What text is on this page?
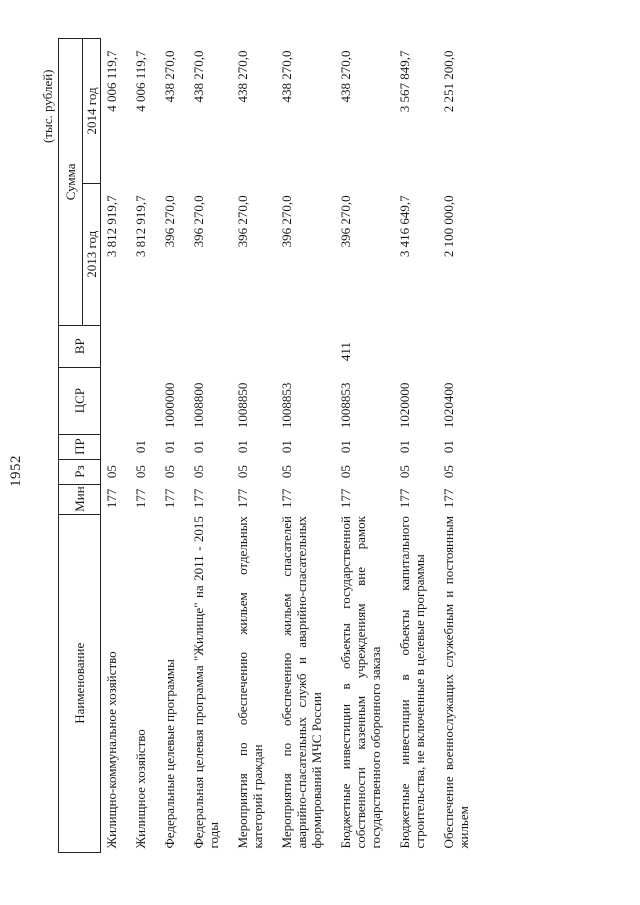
1952
(тыс. рублей)
Наименование	Мин	Рз	ПР	ЦСР	ВР	Сумма	
						2013 год	2014 год
Жилищно-коммунальное хозяйство	177	05				3 812 919,7	4 006 119,7
Жилищное хозяйство	177	05	01			3 812 919,7	4 006 119,7
Федеральные целевые программы	177	05	01	1000000		396 270,0	438 270,0
Федеральная целевая программа "Жилище" на 2011 - 2015 годы	177	05	01	1008800		396 270,0	438 270,0
Мероприятия по обеспечению жильем отдельных категорий граждан	177	05	01	1008850		396 270,0	438 270,0
Мероприятия по обеспечению жильем спасателей аварийно-спасательных служб и аварийно-спасательных формирований МЧС России	177	05	01	1008853		396 270,0	438 270,0
Бюджетные инвестиции в объекты государственной собственности казенным учреждениям вне рамок государственного оборонного заказа	177	05	01	1008853	411	396 270,0	438 270,0
Бюджетные инвестиции в объекты капитального строительства, не включенные в целевые программы	177	05	01	1020000		3 416 649,7	3 567 849,7
Обеспечение военнослужащих служебным и постоянным жильем	177	05	01	1020400		2 100 000,0	2 251 200,0
